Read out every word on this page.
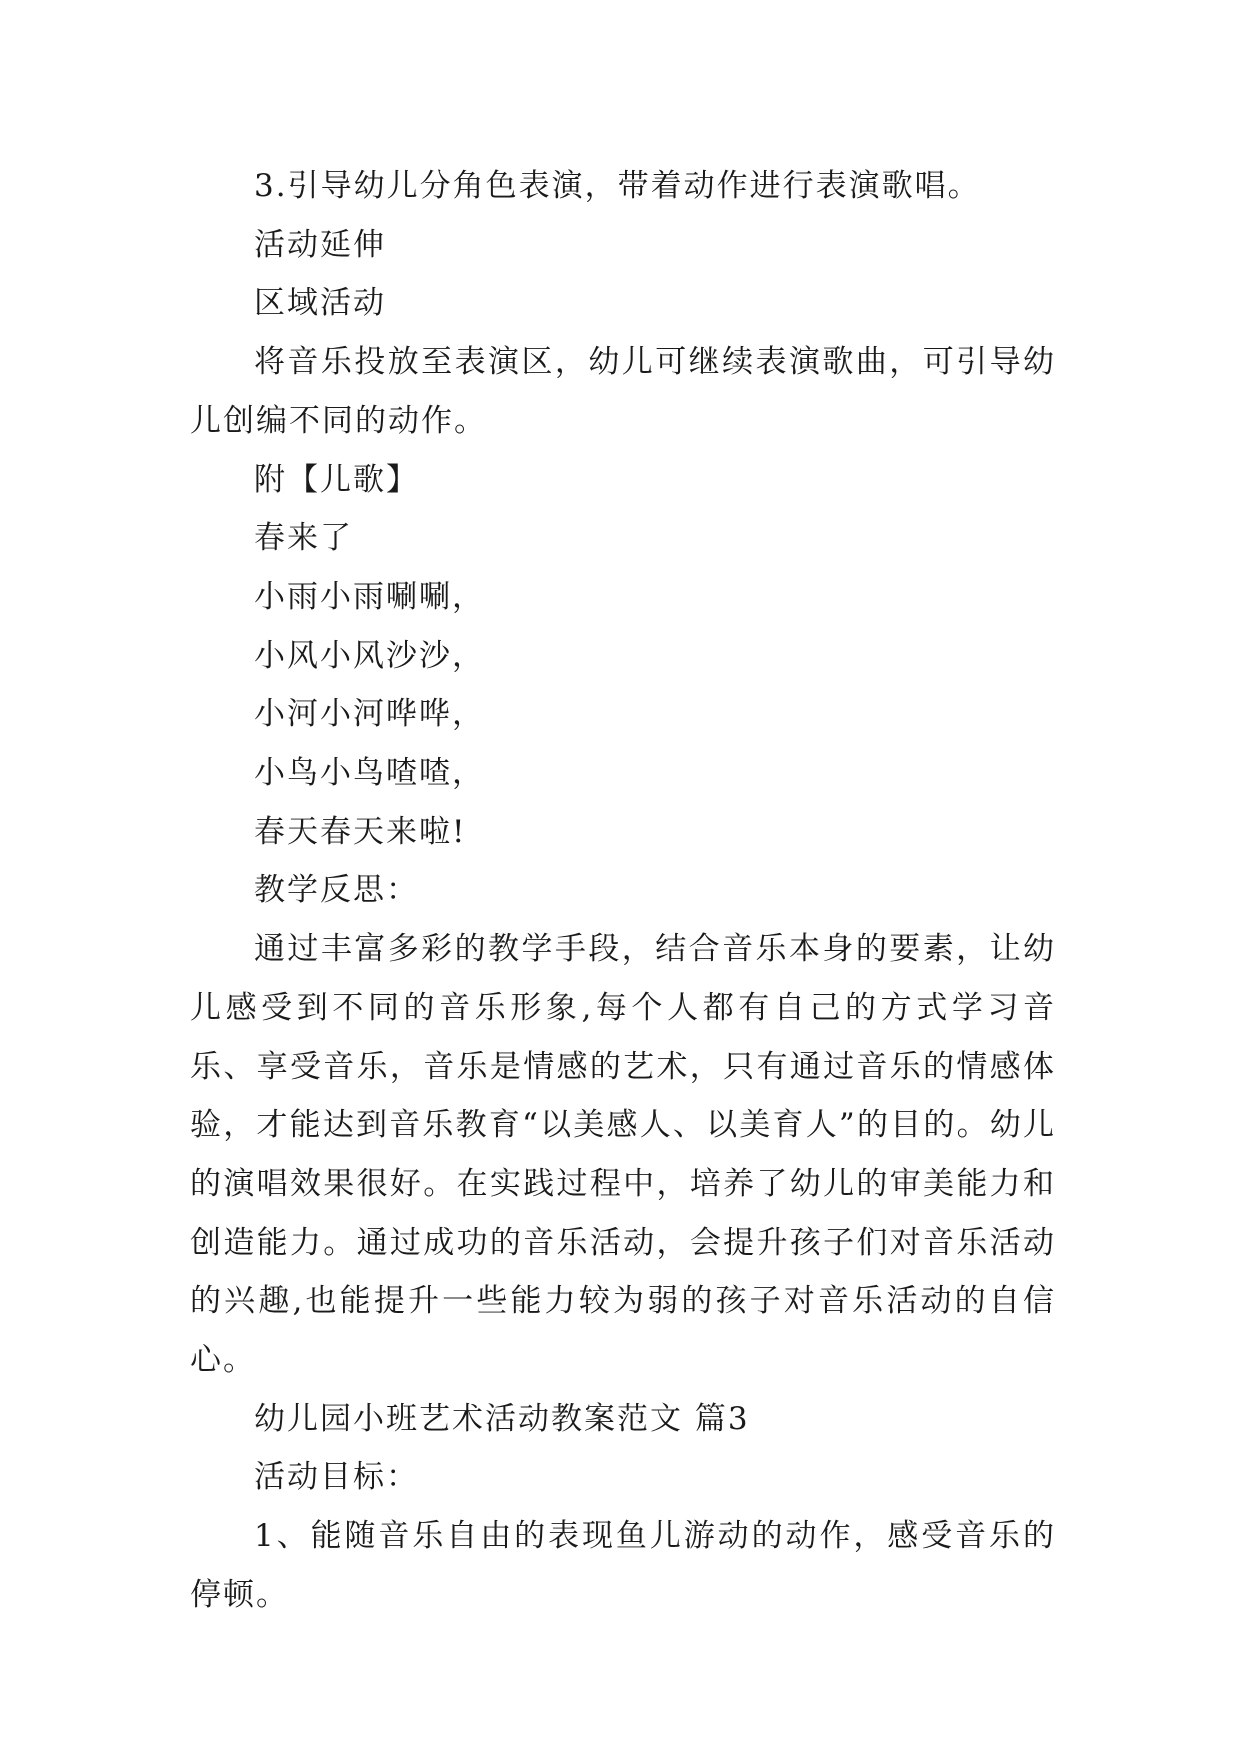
3.引导幼儿分角色表演，带着动作进行表演歌唱。

活动延伸

区域活动

将音乐投放至表演区，幼儿可继续表演歌曲，可引导幼儿创编不同的动作。

附【儿歌】

春来了

小雨小雨唰唰，

小风小风沙沙，

小河小河哗哗，

小鸟小鸟喳喳，

春天春天来啦!

教学反思：

通过丰富多彩的教学手段，结合音乐本身的要素，让幼儿感受到不同的音乐形象,每个人都有自己的方式学习音乐、享受音乐，音乐是情感的艺术，只有通过音乐的情感体验，才能达到音乐教育“以美感人、以美育人”的目的。幼儿的演唱效果很好。在实践过程中，培养了幼儿的审美能力和创造能力。通过成功的音乐活动，会提升孩子们对音乐活动的兴趣,也能提升一些能力较为弱的孩子对音乐活动的自信心。

幼儿园小班艺术活动教案范文 篇3

活动目标：

1、能随音乐自由的表现鱼儿游动的动作，感受音乐的停顿。
